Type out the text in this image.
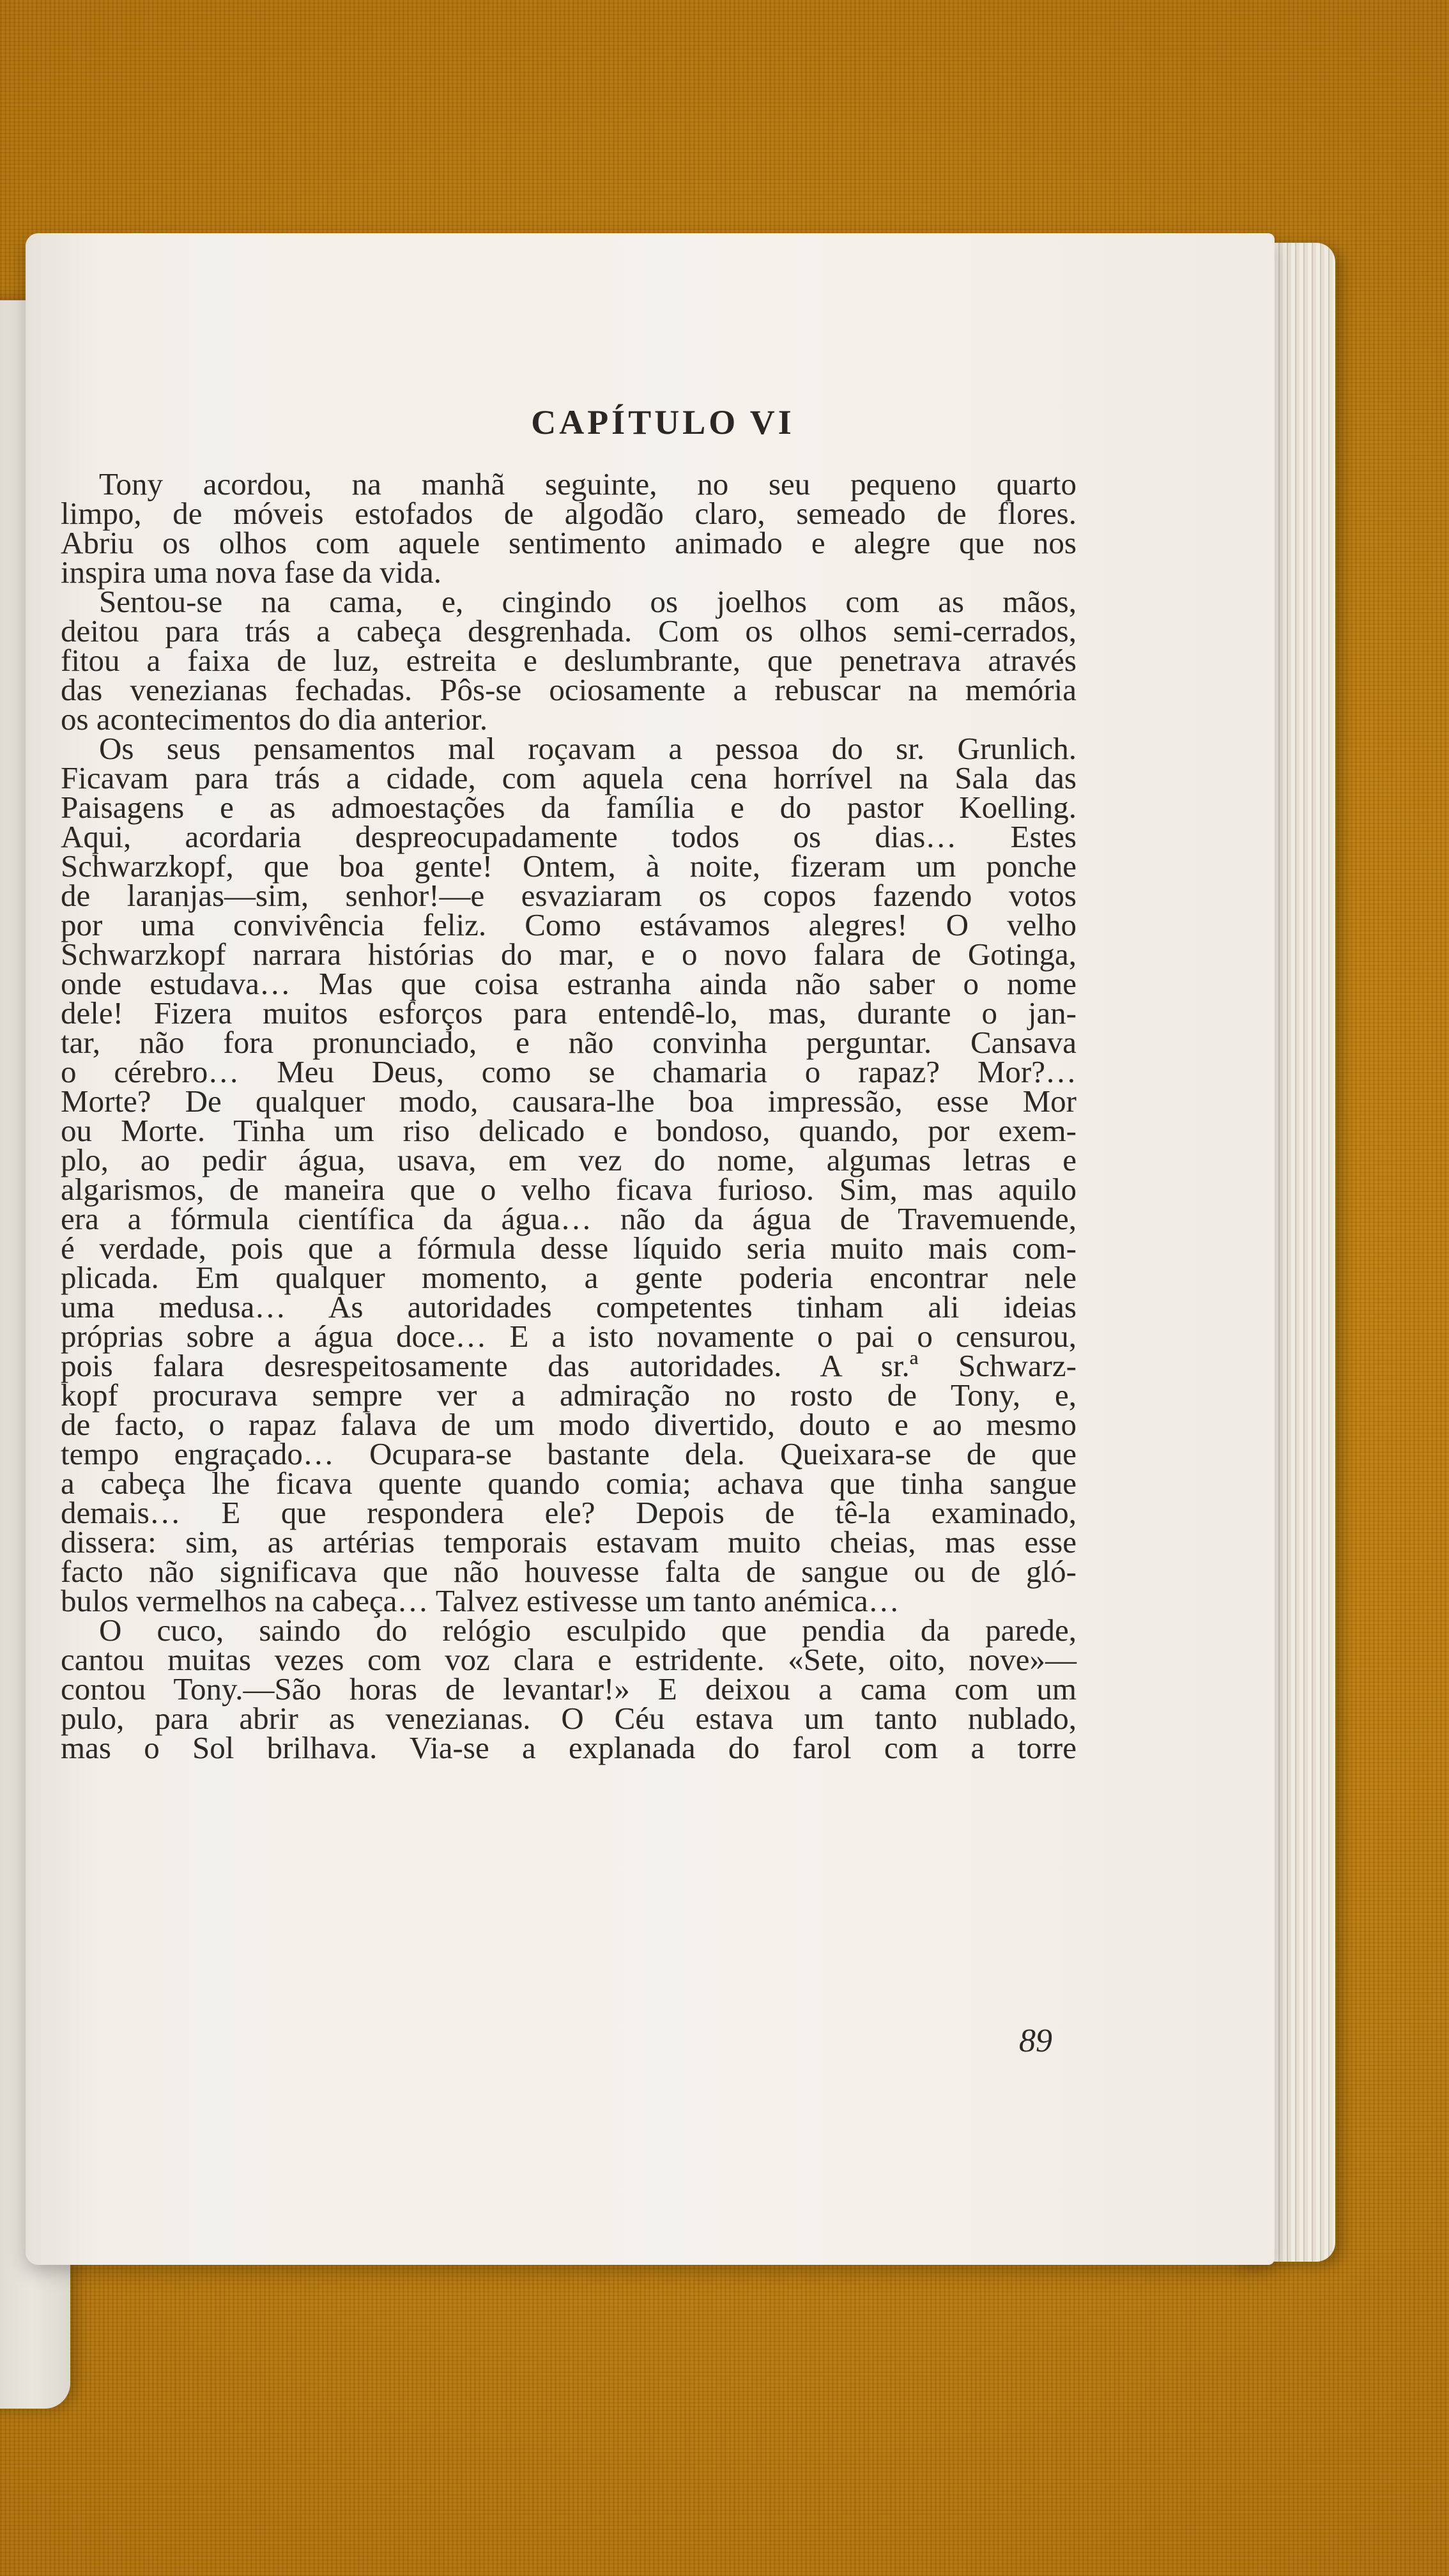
CAPÍTULO VI
Tony acordou, na manhã seguinte, no seu pequeno quarto
limpo, de móveis estofados de algodão claro, semeado de flores.
Abriu os olhos com aquele sentimento animado e alegre que nos
inspira uma nova fase da vida.
Sentou-se na cama, e, cingindo os joelhos com as mãos,
deitou para trás a cabeça desgrenhada. Com os olhos semi-cerrados,
fitou a faixa de luz, estreita e deslumbrante, que penetrava através
das venezianas fechadas. Pôs-se ociosamente a rebuscar na memória
os acontecimentos do dia anterior.
Os seus pensamentos mal roçavam a pessoa do sr. Grunlich.
Ficavam para trás a cidade, com aquela cena horrível na Sala das
Paisagens e as admoestações da família e do pastor Koelling.
Aqui, acordaria despreocupadamente todos os dias… Estes
Schwarzkopf, que boa gente! Ontem, à noite, fizeram um ponche
de laranjas—sim, senhor!—e esvaziaram os copos fazendo votos
por uma convivência feliz. Como estávamos alegres! O velho
Schwarzkopf narrara histórias do mar, e o novo falara de Gotinga,
onde estudava… Mas que coisa estranha ainda não saber o nome
dele! Fizera muitos esforços para entendê-lo, mas, durante o jan-
tar, não fora pronunciado, e não convinha perguntar. Cansava
o cérebro… Meu Deus, como se chamaria o rapaz? Mor?…
Morte? De qualquer modo, causara-lhe boa impressão, esse Mor
ou Morte. Tinha um riso delicado e bondoso, quando, por exem-
plo, ao pedir água, usava, em vez do nome, algumas letras e
algarismos, de maneira que o velho ficava furioso. Sim, mas aquilo
era a fórmula científica da água… não da água de Travemuende,
é verdade, pois que a fórmula desse líquido seria muito mais com-
plicada. Em qualquer momento, a gente poderia encontrar nele
uma medusa… As autoridades competentes tinham ali ideias
próprias sobre a água doce… E a isto novamente o pai o censurou,
pois falara desrespeitosamente das autoridades. A sr.ª Schwarz-
kopf procurava sempre ver a admiração no rosto de Tony, e,
de facto, o rapaz falava de um modo divertido, douto e ao mesmo
tempo engraçado… Ocupara-se bastante dela. Queixara-se de que
a cabeça lhe ficava quente quando comia; achava que tinha sangue
demais… E que respondera ele? Depois de tê-la examinado,
dissera: sim, as artérias temporais estavam muito cheias, mas esse
facto não significava que não houvesse falta de sangue ou de gló-
bulos vermelhos na cabeça… Talvez estivesse um tanto anémica…
O cuco, saindo do relógio esculpido que pendia da parede,
cantou muitas vezes com voz clara e estridente. «Sete, oito, nove»—
contou Tony.—São horas de levantar!» E deixou a cama com um
pulo, para abrir as venezianas. O Céu estava um tanto nublado,
mas o Sol brilhava. Via-se a explanada do farol com a torre

89
